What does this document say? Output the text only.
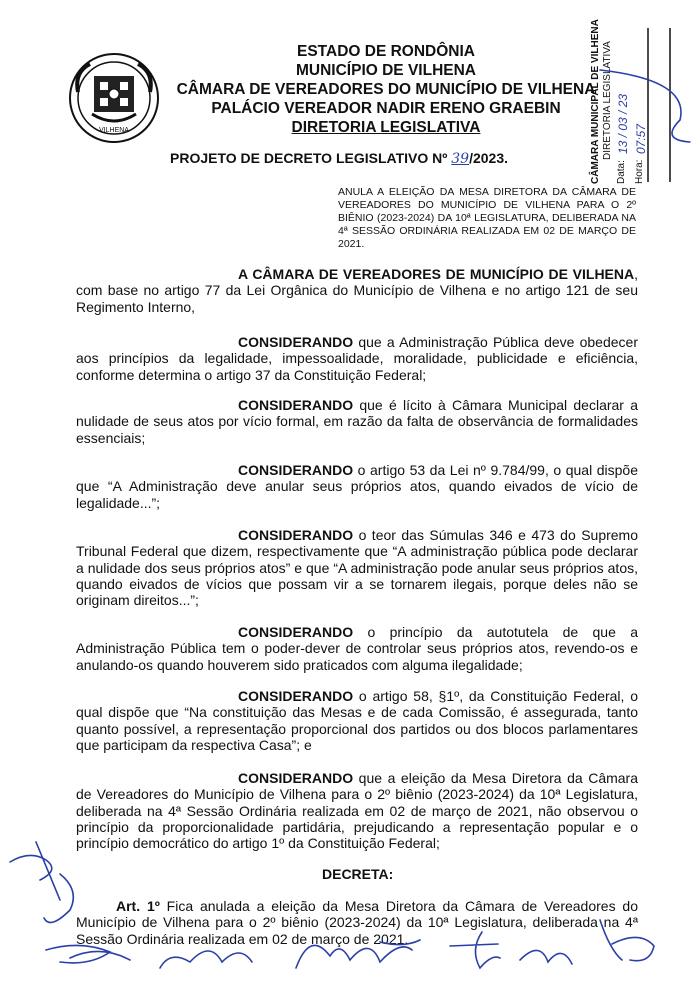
VILHENA
ESTADO DE RONDÔNIA
MUNICÍPIO DE VILHENA
CÂMARA DE VEREADORES DO MUNICÍPIO DE VILHENA
PALÁCIO VEREADOR NADIR ERENO GRAEBIN
DIRETORIA LEGISLATIVA	CÂMARA MUNICIPAL DE VILHENA DIRETORIA LEGISLATIVA
Data:
13 / 03 / 23
Hora:
07:57
PROJETO DE DECRETO LEGISLATIVO Nº 39/2023.
ANULA A ELEIÇÃO DA MESA DIRETORA DA CÂMARA DE VEREADORES DO MUNICÍPIO DE VILHENA PARA O 2º BIÊNIO (2023-2024) DA 10ª LEGISLATURA, DELIBERADA NA 4ª SESSÃO ORDINÁRIA REALIZADA EM 02 DE MARÇO DE 2021.
A CÂMARA DE VEREADORES DE MUNICÍPIO DE VILHENA, com base no artigo 77 da Lei Orgânica do Município de Vilhena e no artigo 121 de seu Regimento Interno,
CONSIDERANDO que a Administração Pública deve obedecer aos princípios da legalidade, impessoalidade, moralidade, publicidade e eficiência, conforme determina o artigo 37 da Constituição Federal;
CONSIDERANDO que é lícito à Câmara Municipal declarar a nulidade de seus atos por vício formal, em razão da falta de observância de formalidades essenciais;
CONSIDERANDO o artigo 53 da Lei nº 9.784/99, o qual dispõe que “A Administração deve anular seus próprios atos, quando eivados de vício de legalidade...”;
CONSIDERANDO o teor das Súmulas 346 e 473 do Supremo Tribunal Federal que dizem, respectivamente que “A administração pública pode declarar a nulidade dos seus próprios atos” e que “A administração pode anular seus próprios atos, quando eivados de vícios que possam vir a se tornarem ilegais, porque deles não se originam direitos...”;
CONSIDERANDO o princípio da autotutela de que a Administração Pública tem o poder-dever de controlar seus próprios atos, revendo-os e anulando-os quando houverem sido praticados com alguma ilegalidade;
CONSIDERANDO o artigo 58, §1º, da Constituição Federal, o qual dispõe que “Na constituição das Mesas e de cada Comissão, é assegurada, tanto quanto possível, a representação proporcional dos partidos ou dos blocos parlamentares que participam da respectiva Casa”; e
CONSIDERANDO que a eleição da Mesa Diretora da Câmara de Vereadores do Município de Vilhena para o 2º biênio (2023-2024) da 10ª Legislatura, deliberada na 4ª Sessão Ordinária realizada em 02 de março de 2021, não observou o princípio da proporcionalidade partidária, prejudicando a representação popular e o princípio democrático do artigo 1º da Constituição Federal;
DECRETA:
Art. 1º Fica anulada a eleição da Mesa Diretora da Câmara de Vereadores do Município de Vilhena para o 2º biênio (2023-2024) da 10ª Legislatura, deliberada na 4ª Sessão Ordinária realizada em 02 de março de 2021.
